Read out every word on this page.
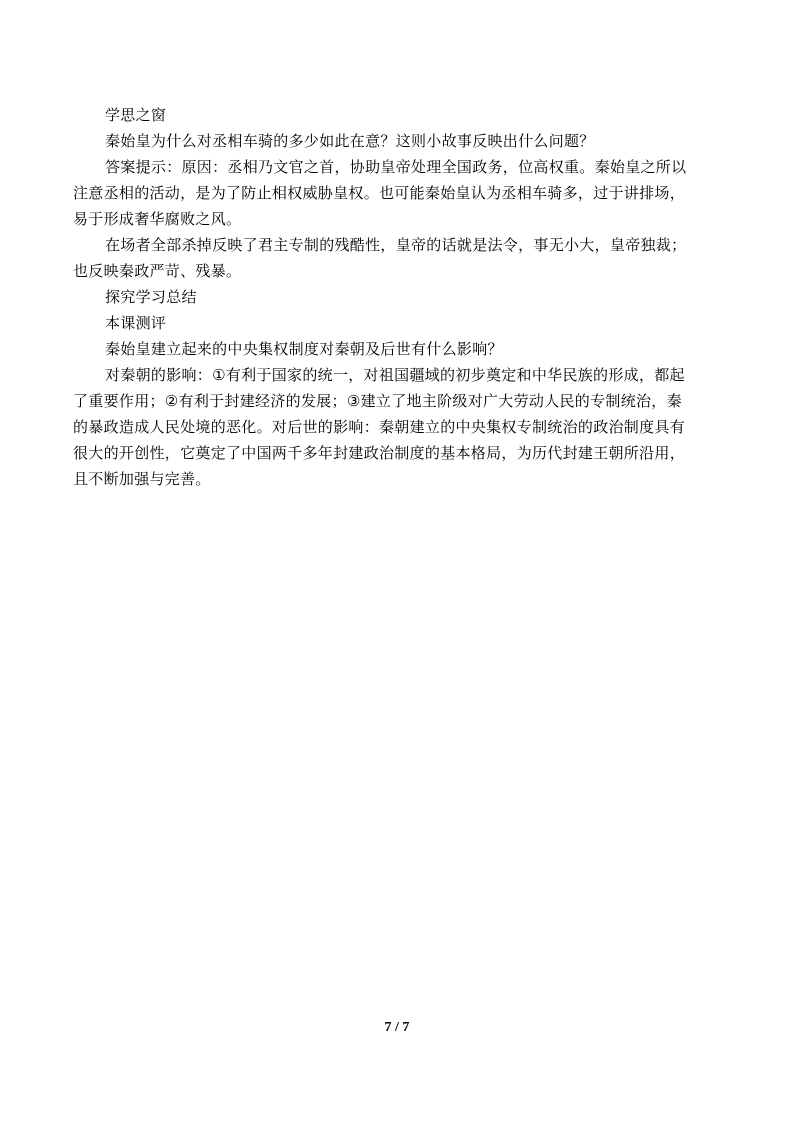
学思之窗
秦始皇为什么对丞相车骑的多少如此在意？这则小故事反映出什么问题？
答案提示：原因：丞相乃文官之首，协助皇帝处理全国政务，位高权重。秦始皇之所以
注意丞相的活动，是为了防止相权威胁皇权。也可能秦始皇认为丞相车骑多，过于讲排场，
易于形成奢华腐败之风。
在场者全部杀掉反映了君主专制的残酷性，皇帝的话就是法令，事无小大，皇帝独裁；
也反映秦政严苛、残暴。
探究学习总结
本课测评
秦始皇建立起来的中央集权制度对秦朝及后世有什么影响？
对秦朝的影响：①有利于国家的统一，对祖国疆域的初步奠定和中华民族的形成，都起
了重要作用；②有利于封建经济的发展；③建立了地主阶级对广大劳动人民的专制统治，秦
的暴政造成人民处境的恶化。对后世的影响：秦朝建立的中央集权专制统治的政治制度具有
很大的开创性，它奠定了中国两千多年封建政治制度的基本格局，为历代封建王朝所沿用，
且不断加强与完善。
7 / 7
